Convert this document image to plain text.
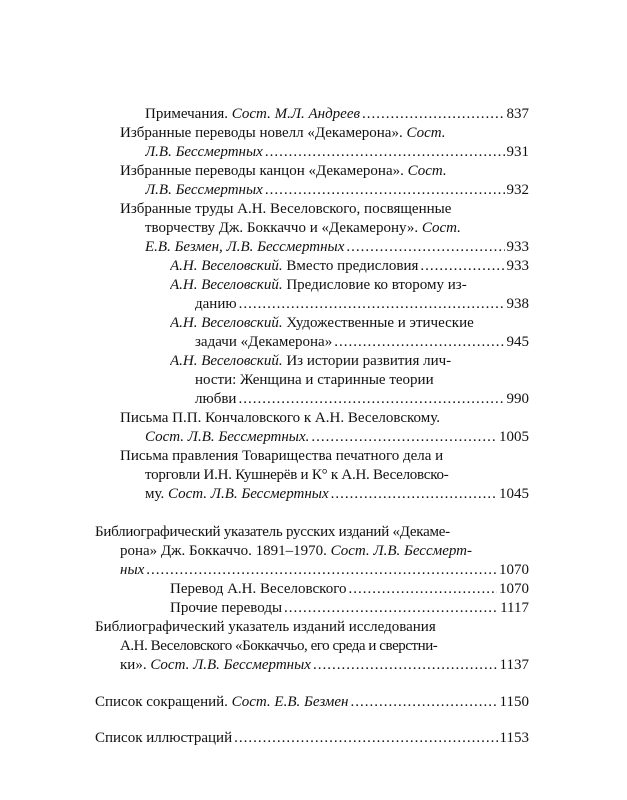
Примечания. Сост. М.Л. Андреев .....	837
Избранные переводы новелл «Декамерона». Сост.
Л.В. Бессмертных .....	931
Избранные переводы канцон «Декамерона». Сост.
Л.В. Бессмертных .....	932
Избранные труды А.Н. Веселовского, посвященные
творчеству Дж. Боккаччо и «Декамерону». Сост.
Е.В. Безмен, Л.В. Бессмертных .....	933
А.Н. Веселовский. Вместо предисловия .....	933
А.Н. Веселовский. Предисловие ко второму из-
данию .....	938
А.Н. Веселовский. Художественные и этические
задачи «Декамерона» .....	945
А.Н. Веселовский. Из истории развития лич-
ности: Женщина и старинные теории
любви .....	990
Письма П.П. Кончаловского к А.Н. Веселовскому.
Сост. Л.В. Бессмертных. .....	1005
Письма правления Товарищества печатного дела и
торговли И.Н. Кушнерёв и К° к А.Н. Веселовско-
му. Сост. Л.В. Бессмертных .....	1045
Библиографический указатель русских изданий «Декаме-
рона» Дж. Боккаччо. 1891–1970. Сост. Л.В. Бессмерт-
ных .....	1070
Перевод А.Н. Веселовского .....	1070
Прочие переводы .....	1117
Библиографический указатель изданий исследования
А.Н. Веселовского «Боккаччьо, его среда и сверстни-
ки». Сост. Л.В. Бессмертных .....	1137
Список сокращений. Сост. Е.В. Безмен .....	1150
Список иллюстраций .....	1153
